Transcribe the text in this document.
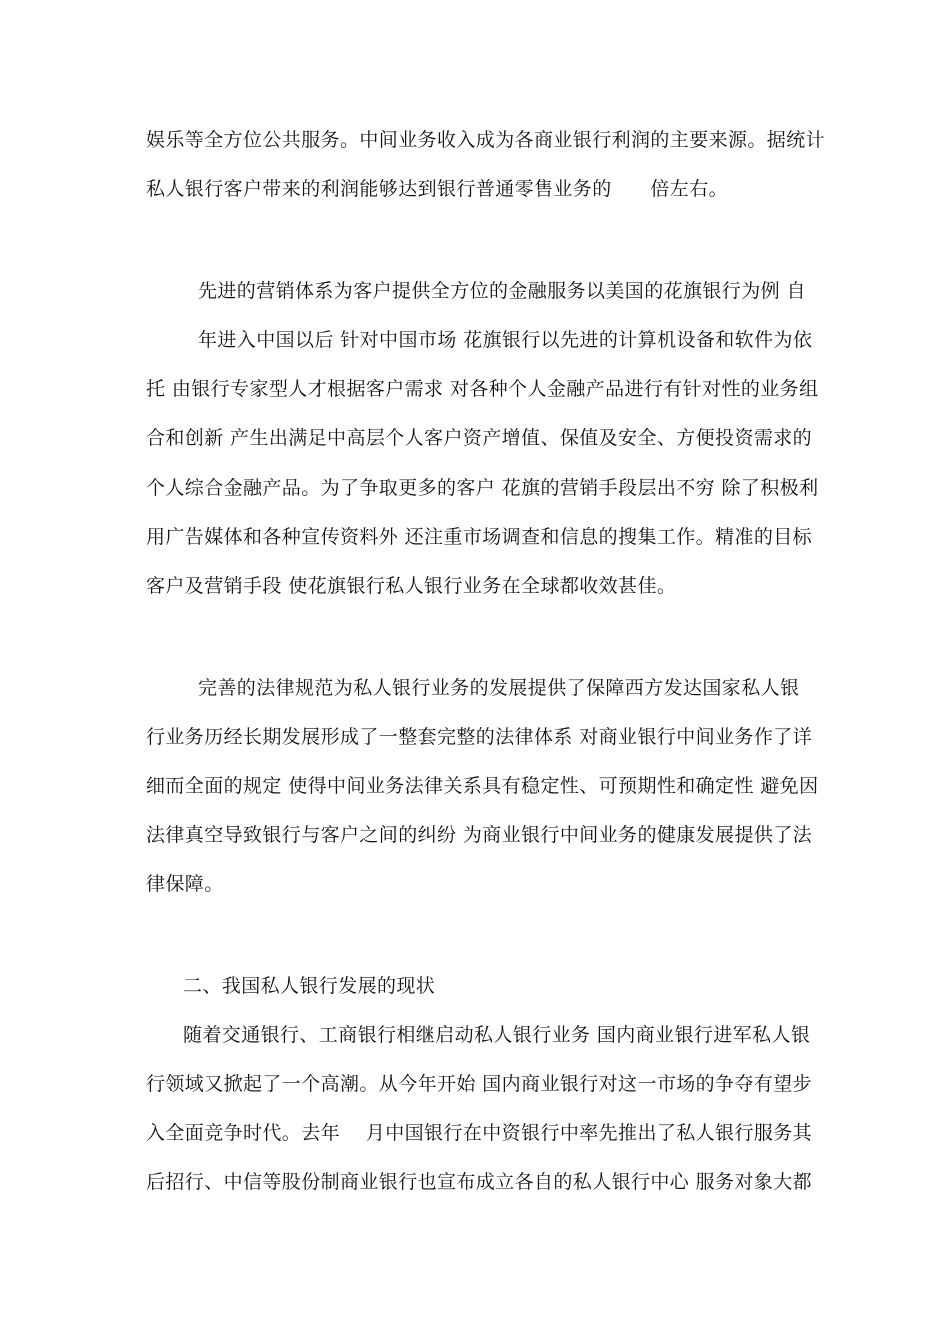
娱乐等全方位公共服务。中间业务收入成为各商业银行利润的主要来源。据统计
私人银行客户带来的利润能够达到银行普通零售业务的　　倍左右。
先进的营销体系为客户提供全方位的金融服务以美国的花旗银行为例 自
年进入中国以后 针对中国市场 花旗银行以先进的计算机设备和软件为依
托 由银行专家型人才根据客户需求 对各种个人金融产品进行有针对性的业务组
合和创新 产生出满足中高层个人客户资产增值、保值及安全、方便投资需求的
个人综合金融产品。为了争取更多的客户 花旗的营销手段层出不穷 除了积极利
用广告媒体和各种宣传资料外 还注重市场调查和信息的搜集工作。精准的目标
客户及营销手段 使花旗银行私人银行业务在全球都收效甚佳。
完善的法律规范为私人银行业务的发展提供了保障西方发达国家私人银
行业务历经长期发展形成了一整套完整的法律体系 对商业银行中间业务作了详
细而全面的规定 使得中间业务法律关系具有稳定性、可预期性和确定性 避免因
法律真空导致银行与客户之间的纠纷 为商业银行中间业务的健康发展提供了法
律保障。
二、我国私人银行发展的现状
随着交通银行、工商银行相继启动私人银行业务 国内商业银行进军私人银
行领域又掀起了一个高潮。从今年开始 国内商业银行对这一市场的争夺有望步
入全面竞争时代。去年　 月中国银行在中资银行中率先推出了私人银行服务其
后招行、中信等股份制商业银行也宣布成立各自的私人银行中心 服务对象大都
